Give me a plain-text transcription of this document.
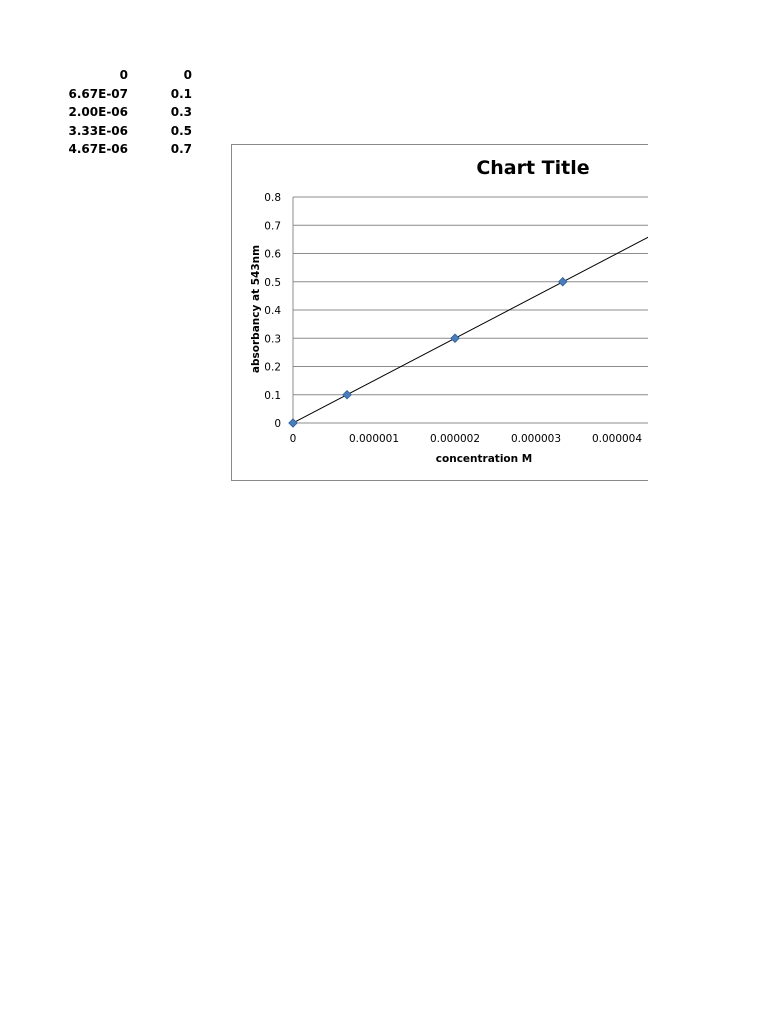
0	0
6.67E-07	0.1
2.00E-06	0.3
3.33E-06	0.5
4.67E-06	0.7
Chart Title
absorbancy at 543nm
concentration M
0
0.1
0.2
0.3
0.4
0.5
0.6
0.7
0.8
0	0.000001	0.000002	0.000003	0.000004
